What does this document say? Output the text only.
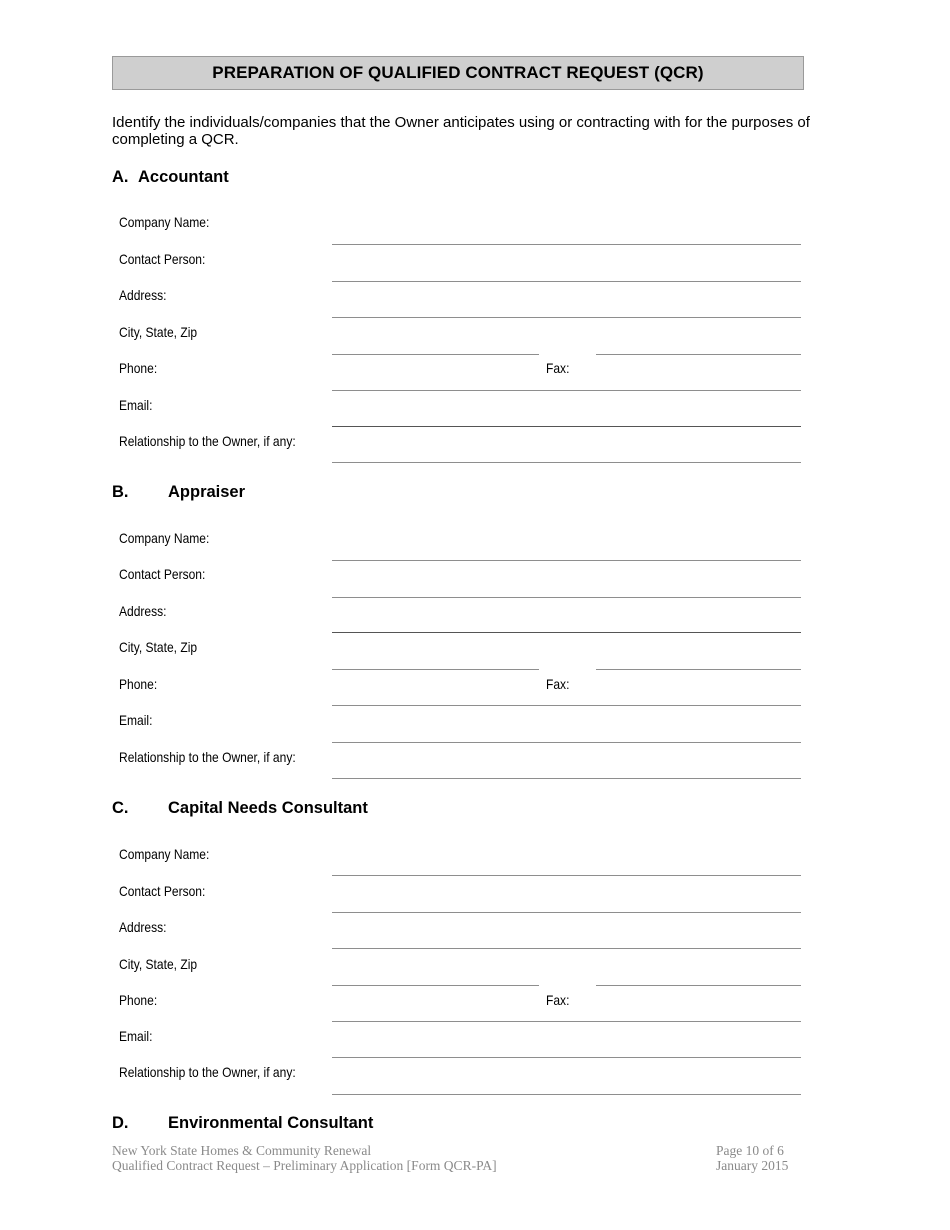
PREPARATION OF QUALIFIED CONTRACT REQUEST (QCR)
Identify the individuals/companies that the Owner anticipates using or contracting with for the purposes of completing a QCR.
A. Accountant
Company Name:
Contact Person:
Address:
City, State, Zip
Phone:	Fax:
Email:
Relationship to the Owner, if any:
B. Appraiser
Company Name:
Contact Person:
Address:
City, State, Zip
Phone:	Fax:
Email:
Relationship to the Owner, if any:
C. Capital Needs Consultant
Company Name:
Contact Person:
Address:
City, State, Zip
Phone:	Fax:
Email:
Relationship to the Owner, if any:
D. Environmental Consultant
New York State Homes & Community Renewal
Qualified Contract Request – Preliminary Application [Form QCR-PA]
Page 10 of 6
January 2015
